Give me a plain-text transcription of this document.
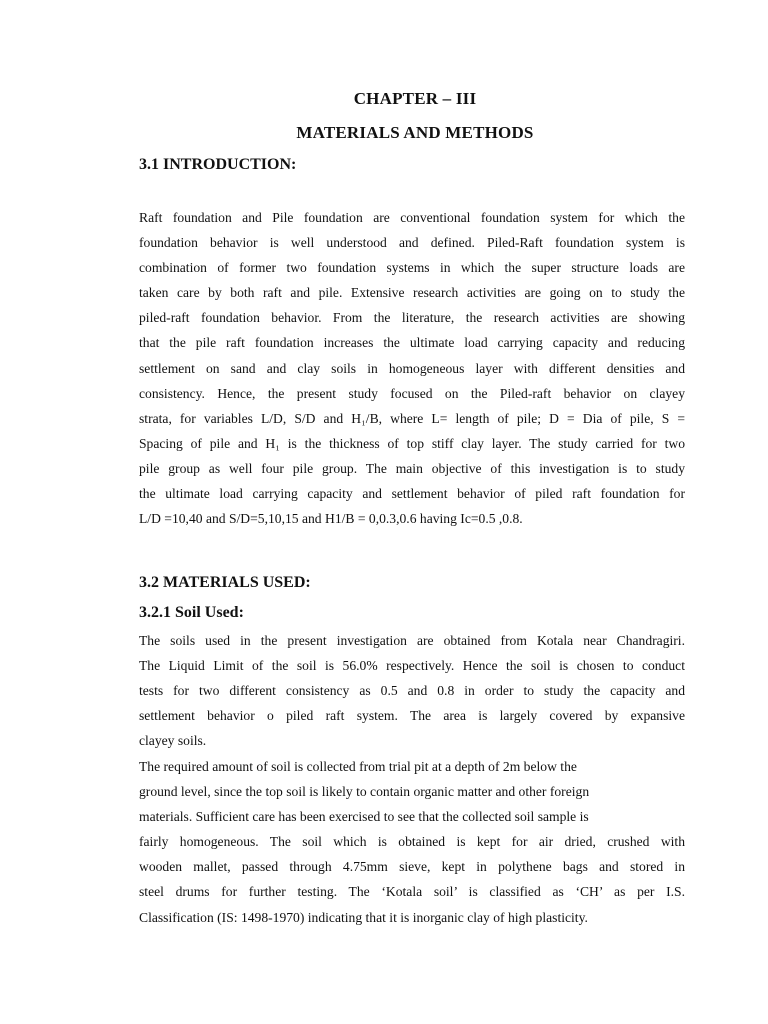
CHAPTER – III
MATERIALS AND METHODS
3.1 INTRODUCTION:
Raft foundation and Pile foundation are conventional foundation system for which the
foundation behavior is well understood and defined. Piled-Raft foundation system is
combination of former two foundation systems in which the super structure loads are
taken care by both raft and pile. Extensive research activities are going on to study the
piled-raft foundation behavior. From the literature, the research activities are showing
that the pile raft foundation increases the ultimate load carrying capacity and reducing
settlement on sand and clay soils in homogeneous layer with different densities and
consistency. Hence, the present study focused on the Piled-raft behavior on clayey
strata, for variables L/D, S/D and H₁/B, where L= length of pile; D = Dia of pile, S =
Spacing of pile and H₁ is the thickness of top stiff clay layer. The study carried for two
pile group as well four pile group. The main objective of this investigation is to study
the ultimate load carrying capacity and settlement behavior of piled raft foundation for
L/D =10,40 and S/D=5,10,15 and H1/B = 0,0.3,0.6 having Ic=0.5 ,0.8.
3.2 MATERIALS USED:
3.2.1 Soil Used:
The soils used in the present investigation are obtained from Kotala near Chandragiri.
The Liquid Limit of the soil is 56.0% respectively. Hence the soil is chosen to conduct
tests for two different consistency as 0.5 and 0.8 in order to study the capacity and
settlement behavior o piled raft system. The area is largely covered by expansive
clayey soils.
The required amount of soil is collected from trial pit at a depth of 2m below the
ground level, since the top soil is likely to contain organic matter and other foreign
materials. Sufficient care has been exercised to see that the collected soil sample is
fairly homogeneous. The soil which is obtained is kept for air dried, crushed with
wooden mallet, passed through 4.75mm sieve, kept in polythene bags and stored in
steel drums for further testing. The ‘Kotala soil’ is classified as ‘CH’ as per I.S.
Classification (IS: 1498-1970) indicating that it is inorganic clay of high plasticity.
